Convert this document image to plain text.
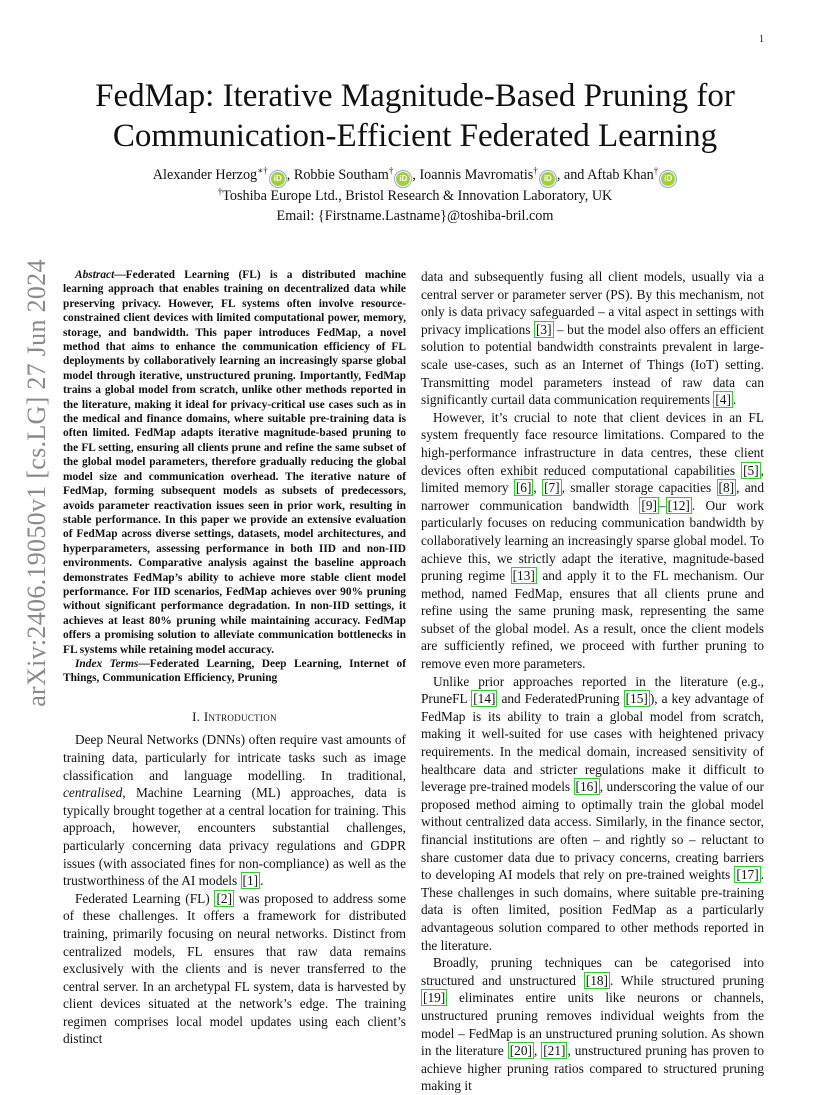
1
arXiv:2406.19050v1 [cs.LG] 27 Jun 2024
FedMap: Iterative Magnitude-Based Pruning for Communication-Efficient Federated Learning
Alexander Herzog∗†iD , Robbie Southam†iD , Ioannis Mavromatis†iD , and Aftab Khan†iD
†Toshiba Europe Ltd., Bristol Research & Innovation Laboratory, UK
Email: {Firstname.Lastname}@toshiba-bril.com

Abstract—Federated Learning (FL) is a distributed machine learning approach that enables training on decentralized data while preserving privacy. However, FL systems often involve resource-constrained client devices with limited computational power, memory, storage, and bandwidth. This paper introduces FedMap, a novel method that aims to enhance the communication efficiency of FL deployments by collaboratively learning an increasingly sparse global model through iterative, unstructured pruning. Importantly, FedMap trains a global model from scratch, unlike other methods reported in the literature, making it ideal for privacy-critical use cases such as in the medical and finance domains, where suitable pre-training data is often limited. FedMap adapts iterative magnitude-based pruning to the FL setting, ensuring all clients prune and refine the same subset of the global model parameters, therefore gradually reducing the global model size and communication overhead. The iterative nature of FedMap, forming subsequent models as subsets of predecessors, avoids parameter reactivation issues seen in prior work, resulting in stable performance. In this paper we provide an extensive evaluation of FedMap across diverse settings, datasets, model architectures, and hyperparameters, assessing performance in both IID and non-IID environments. Comparative analysis against the baseline approach demonstrates FedMap’s ability to achieve more stable client model performance. For IID scenarios, FedMap achieves over 90% pruning without significant performance degradation. In non-IID settings, it achieves at least 80% pruning while maintaining accuracy. FedMap offers a promising solution to alleviate communication bottlenecks in FL systems while retaining model accuracy.

Index Terms—Federated Learning, Deep Learning, Internet of Things, Communication Efficiency, Pruning

I. Introduction

Deep Neural Networks (DNNs) often require vast amounts of training data, particularly for intricate tasks such as image classification and language modelling. In traditional, centralised, Machine Learning (ML) approaches, data is typically brought together at a central location for training. This approach, however, encounters substantial challenges, particularly concerning data privacy regulations and GDPR issues (with associated fines for non-compliance) as well as the trustworthiness of the AI models [1] .

Federated Learning (FL) [2] was proposed to address some of these challenges. It offers a framework for distributed training, primarily focusing on neural networks. Distinct from centralized models, FL ensures that raw data remains exclusively with the clients and is never transferred to the central server. In an archetypal FL system, data is harvested by client devices situated at the network’s edge. The training regimen comprises local model updates using each client’s distinct

data and subsequently fusing all client models, usually via a central server or parameter server (PS). By this mechanism, not only is data privacy safeguarded – a vital aspect in settings with privacy implications [3] – but the model also offers an efficient solution to potential bandwidth constraints prevalent in large-scale use-cases, such as an Internet of Things (IoT) setting. Transmitting model parameters instead of raw data can significantly curtail data communication requirements [4] .

However, it’s crucial to note that client devices in an FL system frequently face resource limitations. Compared to the high-performance infrastructure in data centres, these client devices often exhibit reduced computational capabilities [5] , limited memory [6] , [7] , smaller storage capacities [8] , and narrower communication bandwidth [9] – [12] . Our work particularly focuses on reducing communication bandwidth by collaboratively learning an increasingly sparse global model. To achieve this, we strictly adapt the iterative, magnitude-based pruning regime [13] and apply it to the FL mechanism. Our method, named FedMap, ensures that all clients prune and refine using the same pruning mask, representing the same subset of the global model. As a result, once the client models are sufficiently refined, we proceed with further pruning to remove even more parameters.

Unlike prior approaches reported in the literature (e.g., PruneFL [14] and FederatedPruning [15] ), a key advantage of FedMap is its ability to train a global model from scratch, making it well-suited for use cases with heightened privacy requirements. In the medical domain, increased sensitivity of healthcare data and stricter regulations make it difficult to leverage pre-trained models [16] , underscoring the value of our proposed method aiming to optimally train the global model without centralized data access. Similarly, in the finance sector, financial institutions are often – and rightly so – reluctant to share customer data due to privacy concerns, creating barriers to developing AI models that rely on pre-trained weights [17] . These challenges in such domains, where suitable pre-training data is often limited, position FedMap as a particularly advantageous solution compared to other methods reported in the literature.

Broadly, pruning techniques can be categorised into structured and unstructured [18] . While structured pruning [19] eliminates entire units like neurons or channels, unstructured pruning removes individual weights from the model – FedMap is an unstructured pruning solution. As shown in the literature [20] , [21] , unstructured pruning has proven to achieve higher pruning ratios compared to structured pruning making it
